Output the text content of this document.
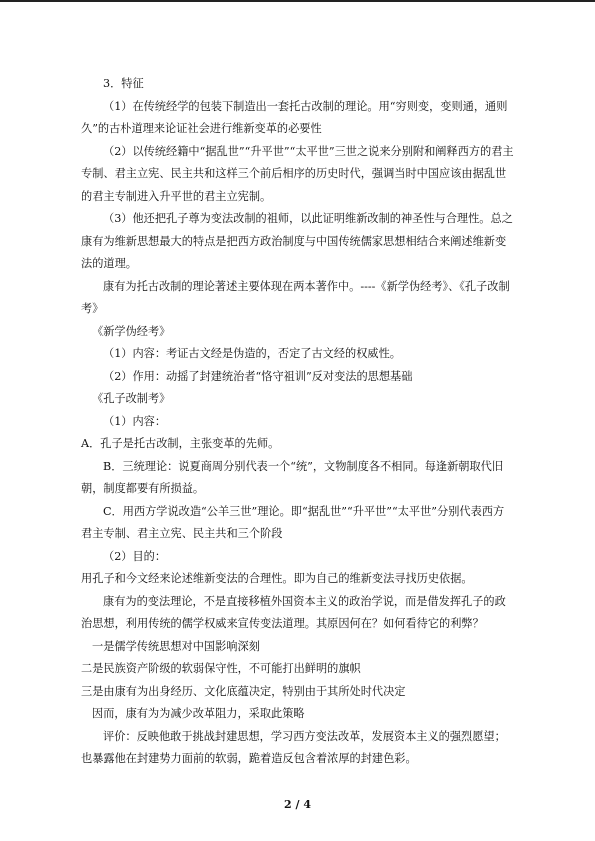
3．特征

（1）在传统经学的包装下制造出一套托古改制的理论。用“穷则变，变则通，通则久”的古朴道理来论证社会进行维新变革的必要性

（2）以传统经籍中“据乱世”“升平世”“太平世”三世之说来分别附和阐释西方的君主专制、君主立宪、民主共和这样三个前后相序的历史时代，强调当时中国应该由据乱世的君主专制进入升平世的君主立宪制。

（3）他还把孔子尊为变法改制的祖师，以此证明维新改制的神圣性与合理性。总之康有为维新思想最大的特点是把西方政治制度与中国传统儒家思想相结合来阐述维新变法的道理。

康有为托古改制的理论著述主要体现在两本著作中。----《新学伪经考》、《孔子改制考》

《新学伪经考》

（1）内容：考证古文经是伪造的，否定了古文经的权威性。

（2）作用：动摇了封建统治者“恪守祖训”反对变法的思想基础

《孔子改制考》

（1）内容：

A．孔子是托古改制，主张变革的先师。

B．三统理论：说夏商周分别代表一个“统”，文物制度各不相同。每逢新朝取代旧朝，制度都要有所损益。

C．用西方学说改造“公羊三世”理论。即“据乱世”“升平世”“太平世”分别代表西方君主专制、君主立宪、民主共和三个阶段

（2）目的：

用孔子和今文经来论述维新变法的合理性。即为自己的维新变法寻找历史依据。

康有为的变法理论，不是直接移植外国资本主义的政治学说，而是借发挥孔子的政治思想，利用传统的儒学权威来宣传变法道理。其原因何在？如何看待它的利弊？

一是儒学传统思想对中国影响深刻

二是民族资产阶级的软弱保守性，不可能打出鲜明的旗帜

三是由康有为出身经历、文化底蕴决定，特别由于其所处时代决定

因而，康有为为减少改革阻力，采取此策略

评价：反映他敢于挑战封建思想，学习西方变法改革，发展资本主义的强烈愿望；也暴露他在封建势力面前的软弱，跪着造反包含着浓厚的封建色彩。

2 / 4
